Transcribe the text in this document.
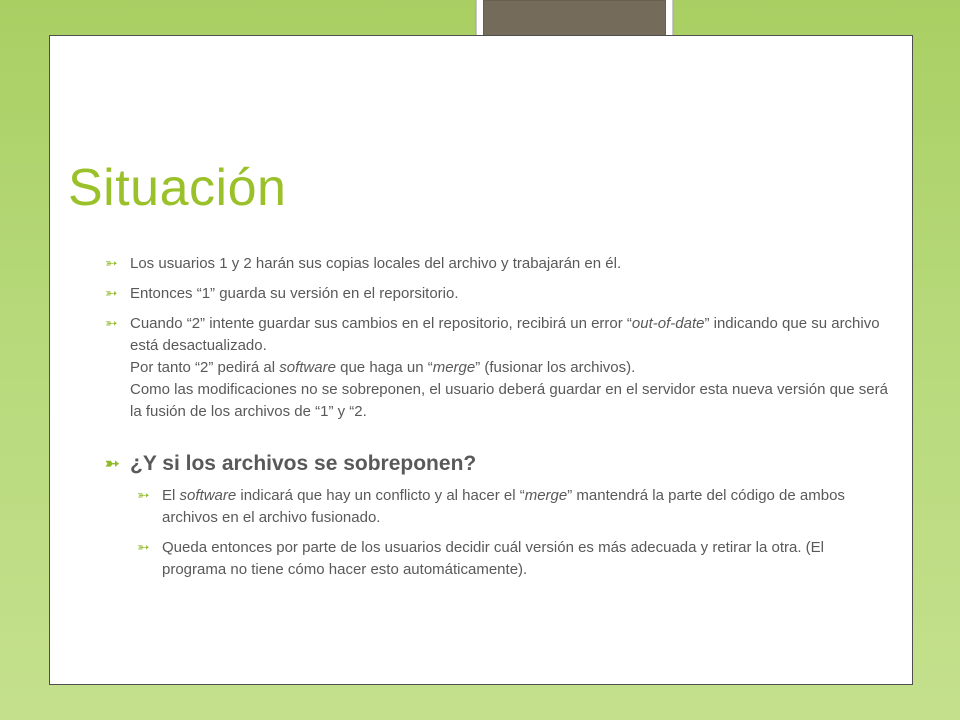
Situación
➳ Los usuarios 1 y 2 harán sus copias locales del archivo y trabajarán en él.
➳ Entonces “1” guarda su versión en el reporsitorio.
➳ Cuando “2” intente guardar sus cambios en el repositorio, recibirá un error “out-of-date” indicando que su archivo está desactualizado.
Por tanto “2” pedirá al software que haga un “merge” (fusionar los archivos).
Como las modificaciones no se sobreponen, el usuario deberá guardar en el servidor esta nueva versión que será la fusión de los archivos de “1” y “2.
➳ ¿Y si los archivos se sobreponen?
➳ El software indicará que hay un conflicto y al hacer el “merge” mantendrá la parte del código de ambos archivos en el archivo fusionado.
➳ Queda entonces por parte de los usuarios decidir cuál versión es más adecuada y retirar la otra. (El programa no tiene cómo hacer esto automáticamente).
